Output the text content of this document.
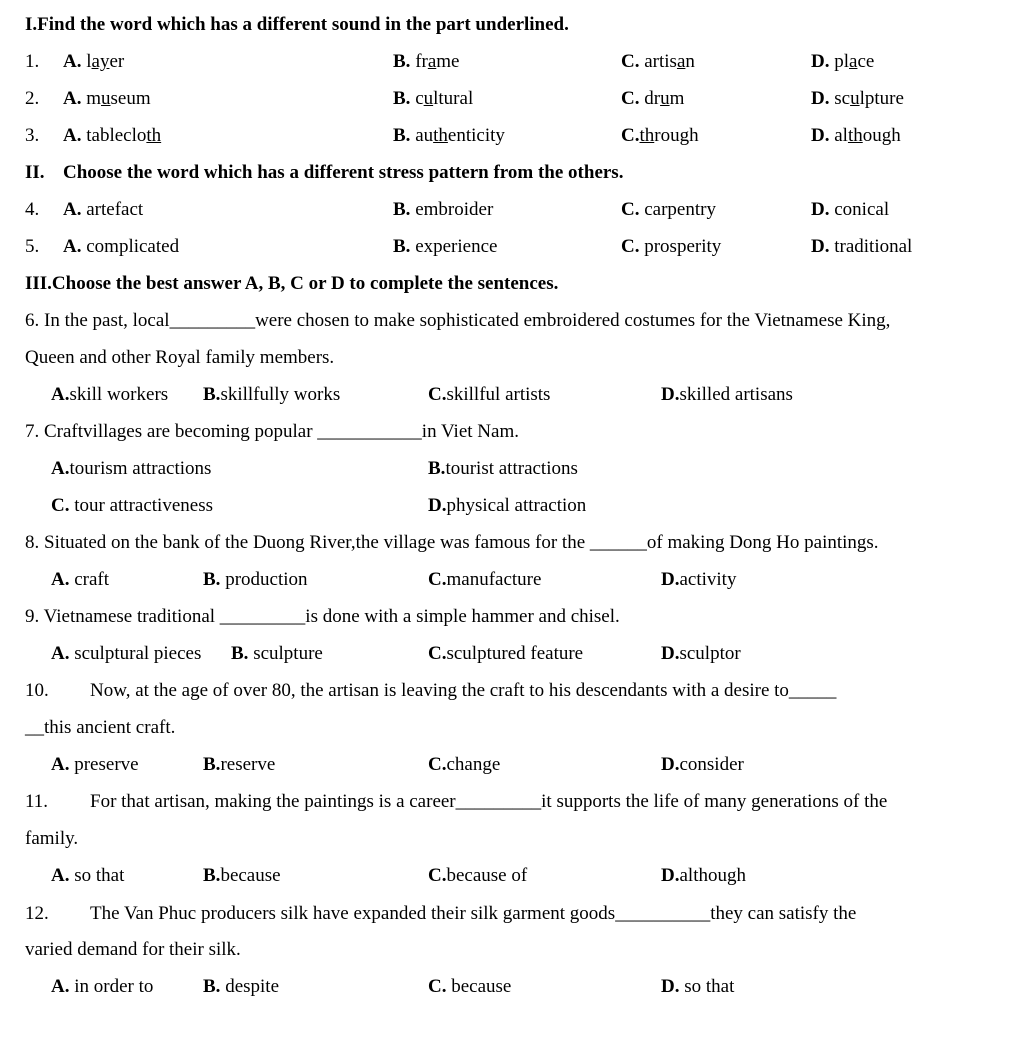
I.Find the word which has a different sound in the part underlined.
1. A. layer	B. frame	C. artisan	D. place
2. A. museum	B. cultural	C. drum	D. sculpture
3. A. tablecloth	B. authenticity	C.through	D. although
II. Choose the word which has a different stress pattern from the others.
4. A. artefact	B. embroider	C. carpentry	D. conical
5. A. complicated	B. experience	C. prosperity	D. traditional
III.Choose the best answer A, B, C or D to complete the sentences.
6. In the past, local_________were chosen to make sophisticated embroidered costumes for the Vietnamese King,
Queen and other Royal family members.
A.skill workers B.skillfully works	C.skillful artists	D.skilled artisans
7. Craftvillages are becoming popular ___________in Viet Nam.
A.tourism attractions	B.tourist attractions
C. tour attractiveness	D.physical attraction
8. Situated on the bank of the Duong River,the village was famous for the ______of making Dong Ho paintings.
A. craft	B. production	C.manufacture	D.activity
9. Vietnamese traditional _________is done with a simple hammer and chisel.
A. sculptural pieces B. sculpture	C.sculptured feature	D.sculptor
10. Now, at the age of over 80, the artisan is leaving the craft to his descendants with a desire to_____
__this ancient craft.
A. preserve	B.reserve	C.change	D.consider
11. For that artisan, making the paintings is a career_________it supports the life of many generations of the
family.
A. so that	B.because	C.because of	D.although
12. The Van Phuc producers silk have expanded their silk garment goods__________they can satisfy the
varied demand for their silk.
A. in order to	B. despite	C. because	D. so that
